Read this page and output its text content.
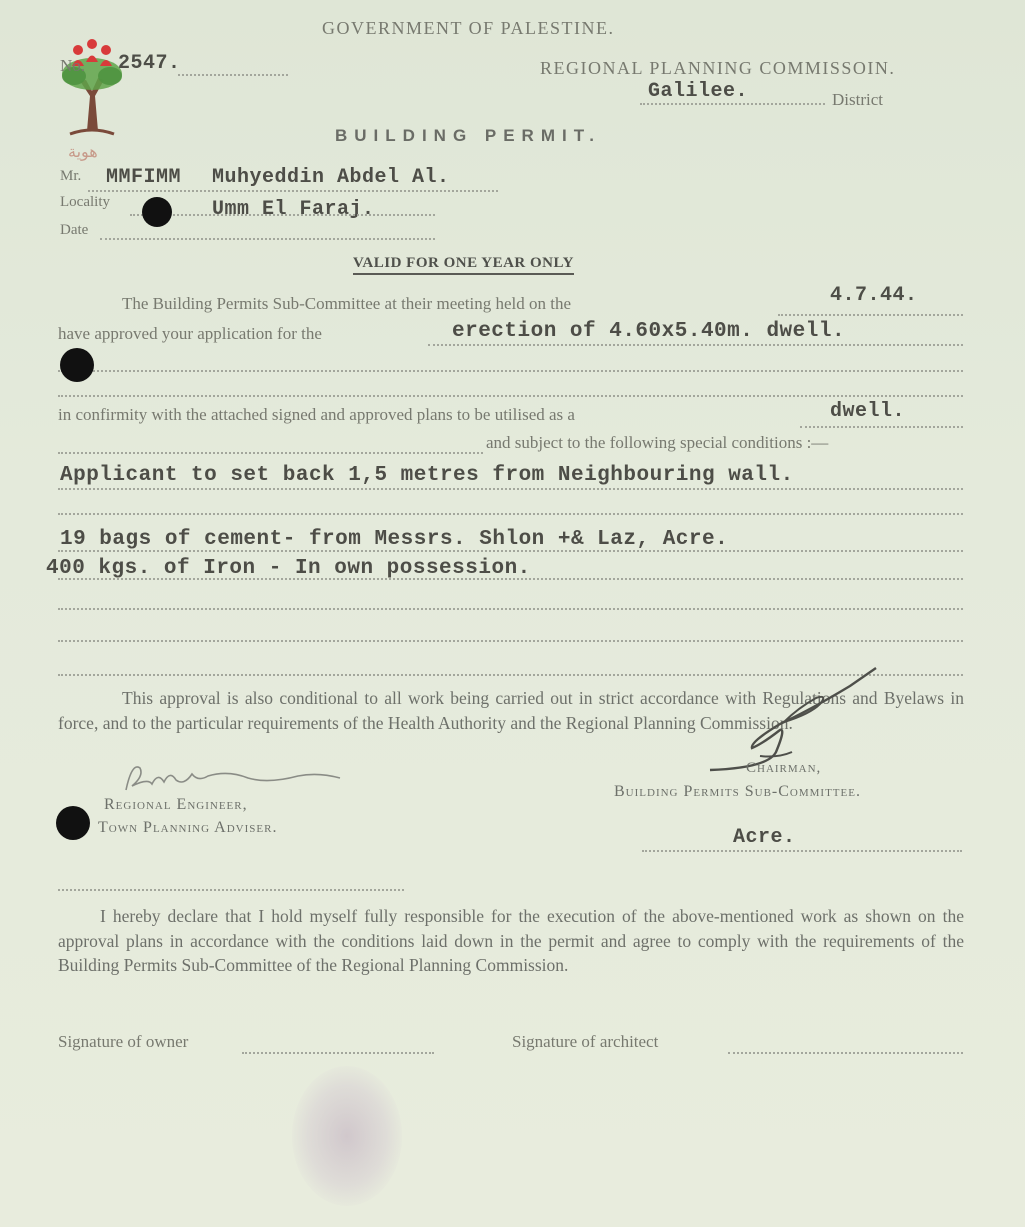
GOVERNMENT OF PALESTINE.
REGIONAL PLANNING COMMISSOIN.
هوية
No. 2547.
Galilee.	District
BUILDING PERMIT.
Mr. MMFIMM Muhyeddin Abdel Al.
Locality	Umm El Faraj.
Date
VALID FOR ONE YEAR ONLY
The Building Permits Sub-Committee at their meeting held on the	4.7.44.
have approved your application for the	erection of 4.60x5.40m. dwell.
in confirmity with the attached signed and approved plans to be utilised as a	dwell.
and subject to the following special conditions :—
Applicant to set back 1,5 metres from Neighbouring wall.
19 bags of cement- from Messrs. Shlon +& Laz, Acre.
400 kgs. of Iron - In own possession.
This approval is also conditional to all work being carried out in strict accordance with Regulations and Byelaws in force, and to the particular requirements of the Health Authority and the Regional Planning Commission.
Regional Engineer,
Town Planning Adviser.
Chairman,
Building Permits Sub-Committee.
Acre.
I hereby declare that I hold myself fully responsible for the execution of the above-mentioned work as shown on the approval plans in accordance with the conditions laid down in the permit and agree to comply with the requirements of the Building Permits Sub-Committee of the Regional Planning Commission.
Signature of owner	Signature of architect
